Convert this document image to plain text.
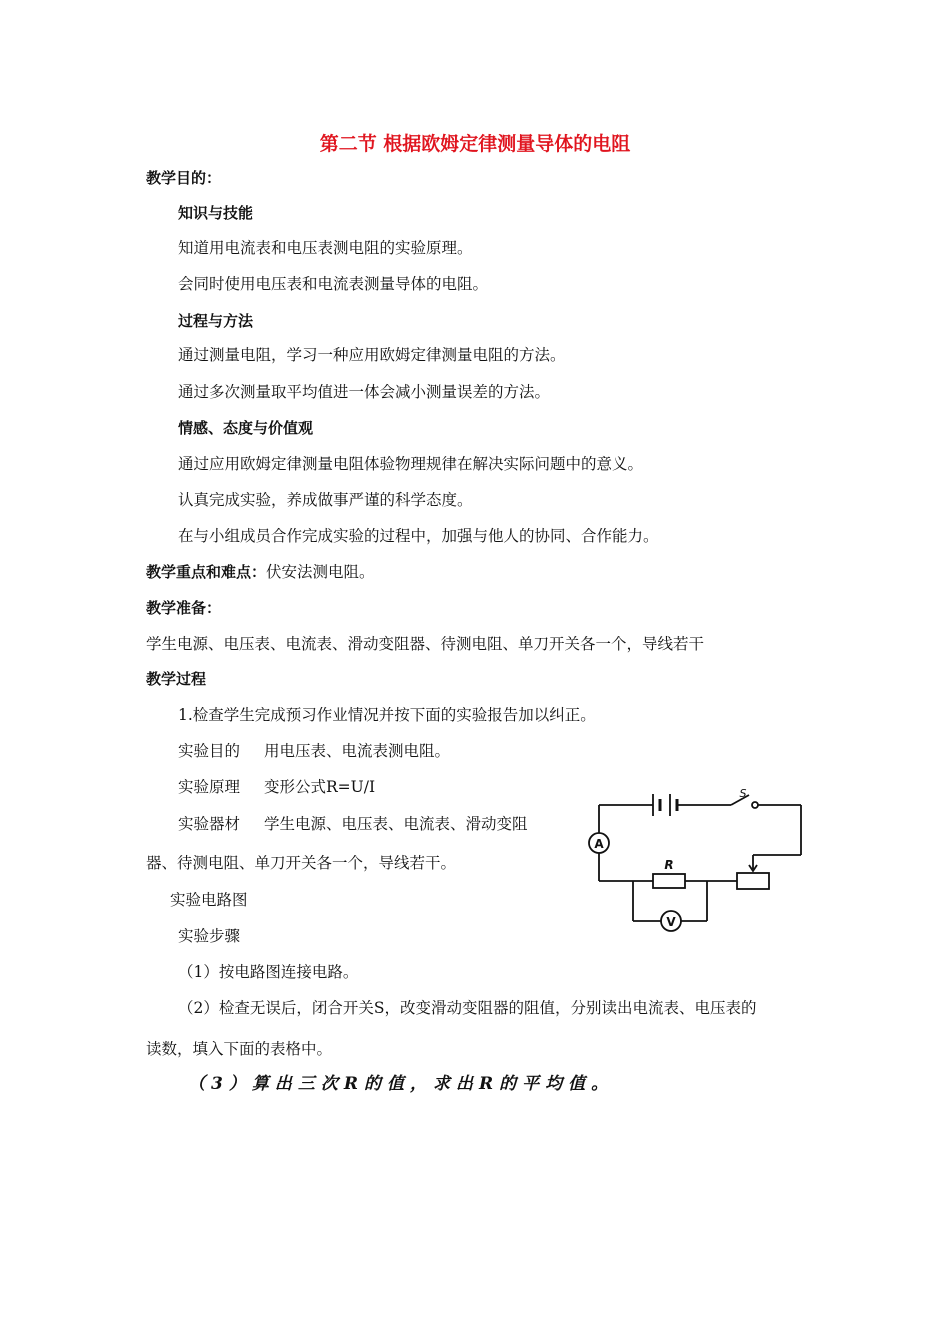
第二节 根据欧姆定律测量导体的电阻
教学目的：
知识与技能
知道用电流表和电压表测电阻的实验原理。
会同时使用电压表和电流表测量导体的电阻。
过程与方法
通过测量电阻，学习一种应用欧姆定律测量电阻的方法。
通过多次测量取平均值进一体会减小测量误差的方法。
情感、态度与价值观
通过应用欧姆定律测量电阻体验物理规律在解决实际问题中的意义。
认真完成实验，养成做事严谨的科学态度。
在与小组成员合作完成实验的过程中，加强与他人的协同、合作能力。
教学重点和难点：伏安法测电阻。
教学准备：
学生电源、电压表、电流表、滑动变阻器、待测电阻、单刀开关各一个，导线若干
教学过程
1.检查学生完成预习作业情况并按下面的实验报告加以纠正。
实验目的 用电压表、电流表测电阻。
实验原理 变形公式R=U/I
实验器材 学生电源、电压表、电流表、滑动变阻
器、待测电阻、单刀开关各一个，导线若干。
实验电路图
实验步骤
（1）按电路图连接电路。
（2）检查无误后，闭合开关S，改变滑动变阻器的阻值，分别读出电流表、电压表的
读数，填入下面的表格中。
（3）算出三次R的值，求出R的平均值。
A
V
R
S
